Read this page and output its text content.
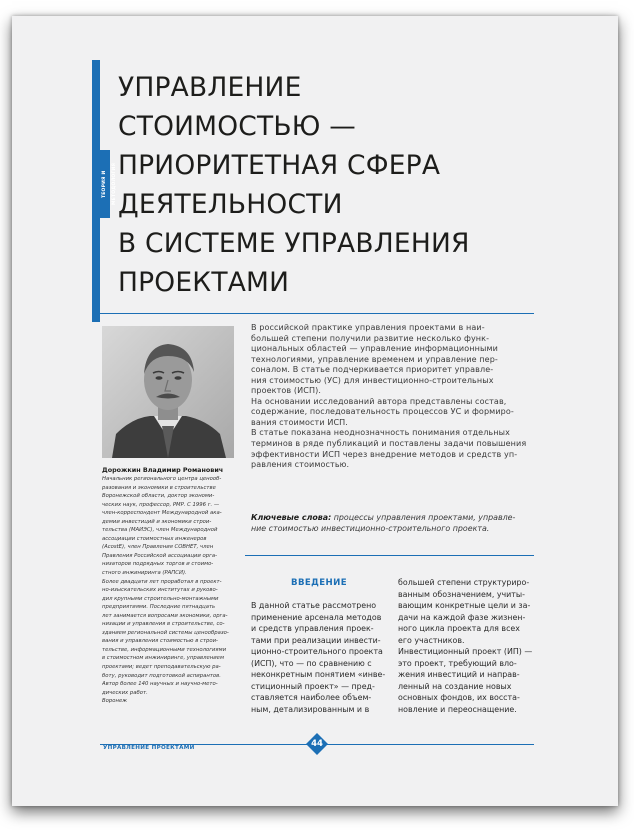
ТЕОРИЯ И МЕТОДОЛОГИЯ
УПРАВЛЕНИЕ
СТОИМОСТЬЮ —
ПРИОРИТЕТНАЯ СФЕРА
ДЕЯТЕЛЬНОСТИ
В СИСТЕМЕ УПРАВЛЕНИЯ
ПРОЕКТАМИ
Дорожкин Владимир Романович
Начальник регионального центра ценооб-
разования и экономики в строительстве
Воронежской области, доктор экономи-
ческих наук, профессор, РМР. С 1996 г. —
член-корреспондент Международной ака-
демии инвестиций и экономики строи-
тельства (МАИЭС), член Международной
ассоциации стоимостных инженеров
(AcostE), член Правления СОВНЕТ, член
Правления Российской ассоциации орга-
низаторов подрядных торгов и стоимо-
стного инжиниринга (РАПСИ).
Более двадцати лет проработал в проект-
но-изыскательских институтах и руково-
дил крупными строительно-монтажными
предприятиями. Последние пятнадцать
лет занимается вопросами экономики, орга-
низации и управления в строительстве, со-
зданием региональной системы ценообразо-
вания и управления стоимостью в строи-
тельстве, информационными технологиями
в стоимостном инжиниринге, управлением
проектами; ведет преподавательскую ра-
боту, руководит подготовкой аспирантов.
Автор более 140 научных и научно-мето-
дических работ.
Воронеж
В российской практике управления проектами в наи-
большей степени получили развитие несколько функ-
циональных областей — управление информационными
технологиями, управление временем и управление пер-
соналом. В статье подчеркивается приоритет управле-
ния стоимостью (УС) для инвестиционно-строительных
проектов (ИСП).
На основании исследований автора представлены состав,
содержание, последовательность процессов УС и формиро-
вания стоимости ИСП.
В статье показана неоднозначность понимания отдельных
терминов в ряде публикаций и поставлены задачи повышения
эффективности ИСП через внедрение методов и средств уп-
равления стоимостью.
Ключевые слова: процессы управления проектами, управле-
ние стоимостью инвестиционно-строительного проекта.
ВВЕДЕНИЕ
В данной статье рассмотрено
применение арсенала методов
и средств управления проек-
тами при реализации инвести-
ционно-строительного проекта
(ИСП), что — по сравнению с
неконкретным понятием «инве-
стиционный проект» — пред-
ставляется наиболее объем-
ным, детализированным и в
большей степени структуриро-
ванным обозначением, учиты-
вающим конкретные цели и за-
дачи на каждой фазе жизнен-
ного цикла проекта для всех
его участников.
Инвестиционный проект (ИП) —
это проект, требующий вло-
жения инвестиций и направ-
ленный на создание новых
основных фондов, их восста-
новление и переоснащение.
УПРАВЛЕНИЕ ПРОЕКТАМИ	44
